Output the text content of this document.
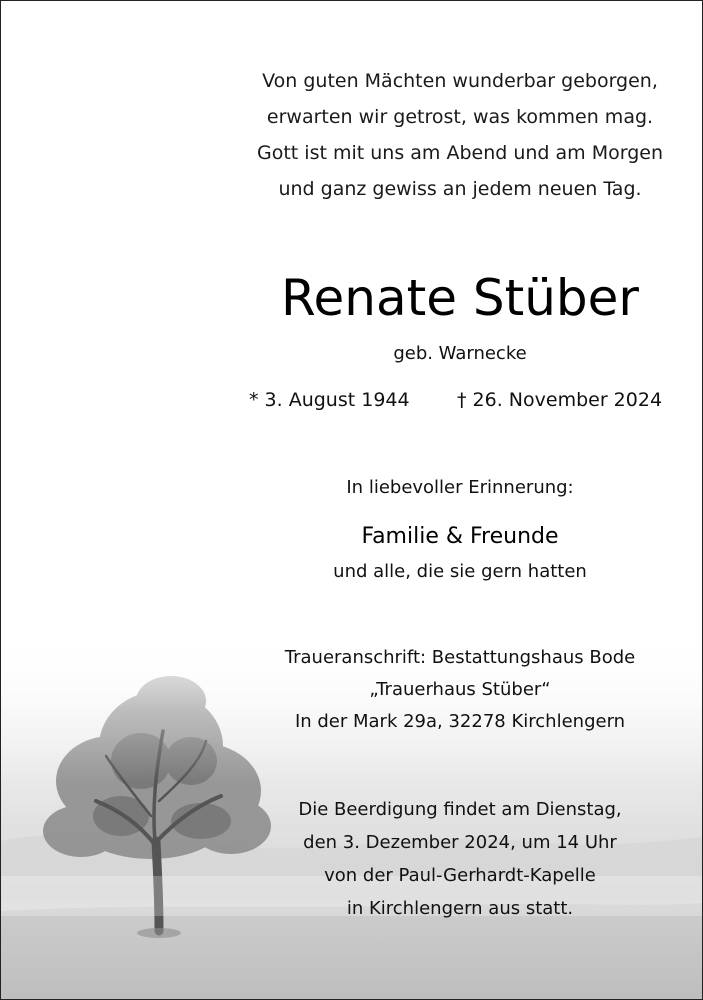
Von guten Mächten wunderbar geborgen,
erwarten wir getrost, was kommen mag.
Gott ist mit uns am Abend und am Morgen
und ganz gewiss an jedem neuen Tag.
Renate Stüber
geb. Warnecke
* 3. August 1944 † 26. November 2024
In liebevoller Erinnerung:
Familie & Freunde
und alle, die sie gern hatten
Traueranschrift: Bestattungshaus Bode
„Trauerhaus Stüber“
In der Mark 29a, 32278 Kirchlengern
Die Beerdigung findet am Dienstag,
den 3. Dezember 2024, um 14 Uhr
von der Paul-Gerhardt-Kapelle
in Kirchlengern aus statt.
